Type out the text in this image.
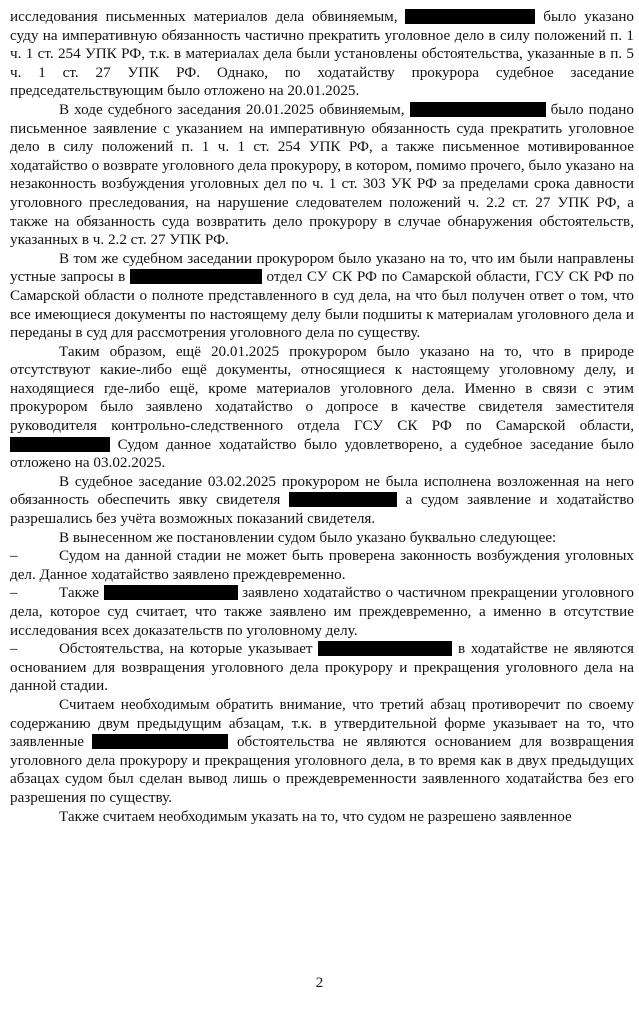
исследования письменных материалов дела обвиняемым,	было указано суду на императивную обязанность частично прекратить уголовное дело в силу положений п. 1 ч. 1 ст. 254 УПК РФ, т.к. в материалах дела были установлены обстоятельства, указанные в п. 5 ч. 1 ст. 27 УПК РФ. Однако, по ходатайству прокурора судебное заседание председательствующим было отложено на 20.01.2025.

В ходе судебного заседания 20.01.2025 обвиняемым,	было подано письменное заявление с указанием на императивную обязанность суда прекратить уголовное дело в силу положений п. 1 ч. 1 ст. 254 УПК РФ, а также письменное мотивированное ходатайство о возврате уголовного дела прокурору, в котором, помимо прочего, было указано на незаконность возбуждения уголовных дел по ч. 1 ст. 303 УК РФ за пределами срока давности уголовного преследования, на нарушение следователем положений ч. 2.2 ст. 27 УПК РФ, а также на обязанность суда возвратить дело прокурору в случае обнаружения обстоятельств, указанных в ч. 2.2 ст. 27 УПК РФ.

В том же судебном заседании прокурором было указано на то, что им были направлены устные запросы в	отдел СУ СК РФ по Самарской области, ГСУ СК РФ по Самарской области о полноте представленного в суд дела, на что был получен ответ о том, что все имеющиеся документы по настоящему делу были подшиты к материалам уголовного дела и переданы в суд для рассмотрения уголовного дела по существу.

Таким образом, ещё 20.01.2025 прокурором было указано на то, что в природе отсутствуют какие-либо ещё документы, относящиеся к настоящему уголовному делу, и находящиеся где-либо ещё, кроме материалов уголовного дела. Именно в связи с этим прокурором было заявлено ходатайство о допросе в качестве свидетеля заместителя руководителя контрольно-следственного отдела ГСУ СК РФ по Самарской области,  Судом данное ходатайство было удовлетворено, а судебное заседание было отложено на 03.02.2025.

В судебное заседание 03.02.2025 прокурором не была исполнена возложенная на него обязанность обеспечить явку свидетеля	а судом заявление и ходатайство разрешались без учёта возможных показаний свидетеля.

В вынесенном же постановлении судом было указано буквально следующее:

–	Судом на данной стадии не может быть проверена законность возбуждения уголовных дел. Данное ходатайство заявлено преждевременно.

–	Также	заявлено ходатайство о частичном прекращении уголовного дела, которое суд считает, что также заявлено им преждевременно, а именно в отсутствие исследования всех доказательств по уголовному делу.

–	Обстоятельства, на которые указывает	в ходатайстве не являются основанием для возвращения уголовного дела прокурору и прекращения уголовного дела на данной стадии.

Считаем необходимым обратить внимание, что третий абзац противоречит по своему содержанию двум предыдущим абзацам, т.к. в утвердительной форме указывает на то, что заявленные	обстоятельства не являются основанием для возвращения уголовного дела прокурору и прекращения уголовного дела, в то время как в двух предыдущих абзацах судом был сделан вывод лишь о преждевременности заявленного ходатайства без его разрешения по существу.

Также считаем необходимым указать на то, что судом не разрешено заявленное

2
